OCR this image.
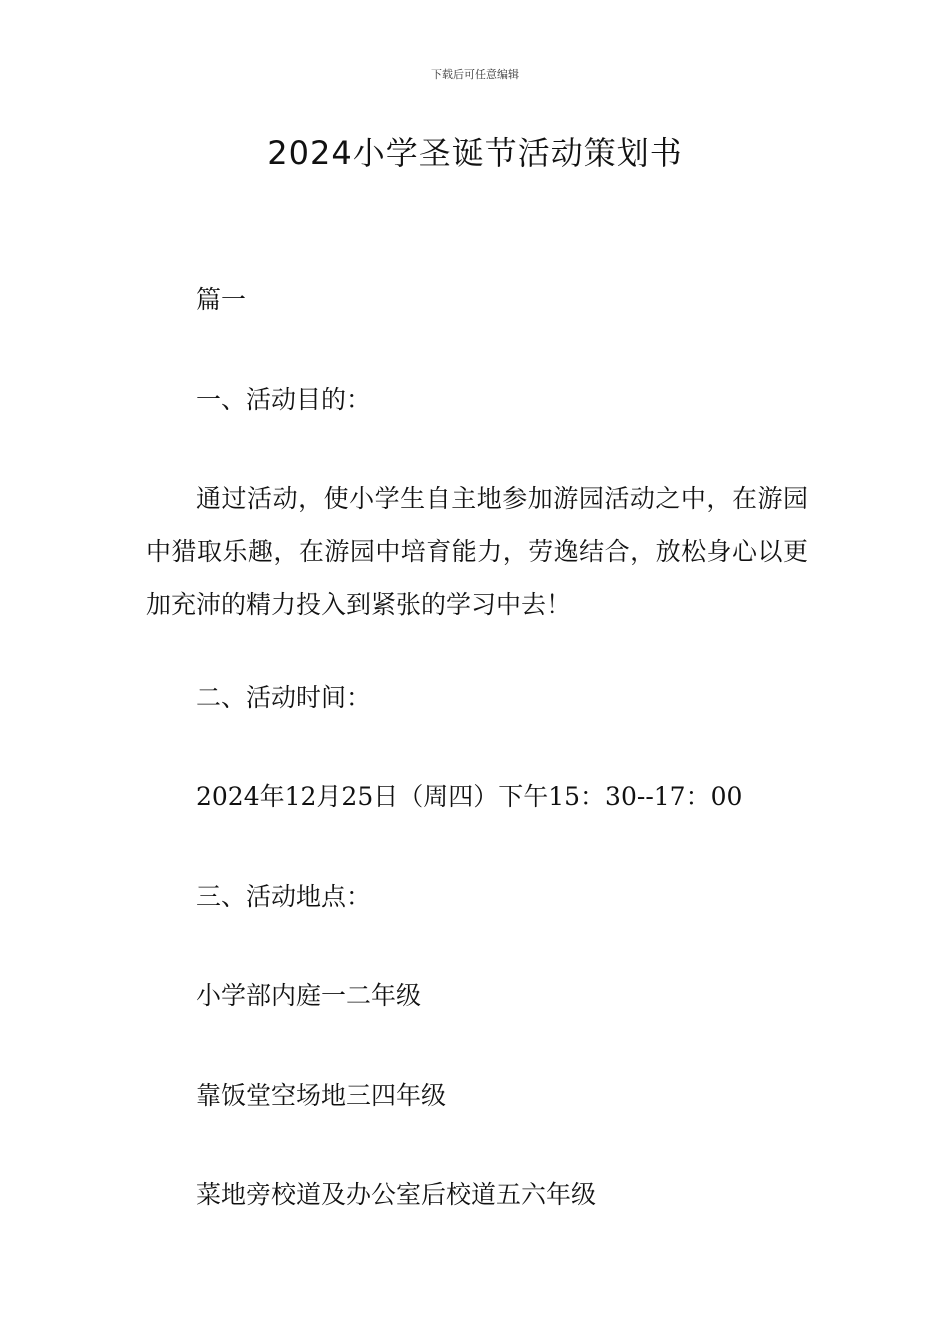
下载后可任意编辑
2024小学圣诞节活动策划书
篇一
一、活动目的：

通过活动，使小学生自主地参加游园活动之中，在游园中猎取乐趣，在游园中培育能力，劳逸结合，放松身心以更加充沛的精力投入到紧张的学习中去！

二、活动时间：
2024年12月25日（周四）下午15：30--17：00
三、活动地点：
小学部内庭一二年级
靠饭堂空场地三四年级
菜地旁校道及办公室后校道五六年级
